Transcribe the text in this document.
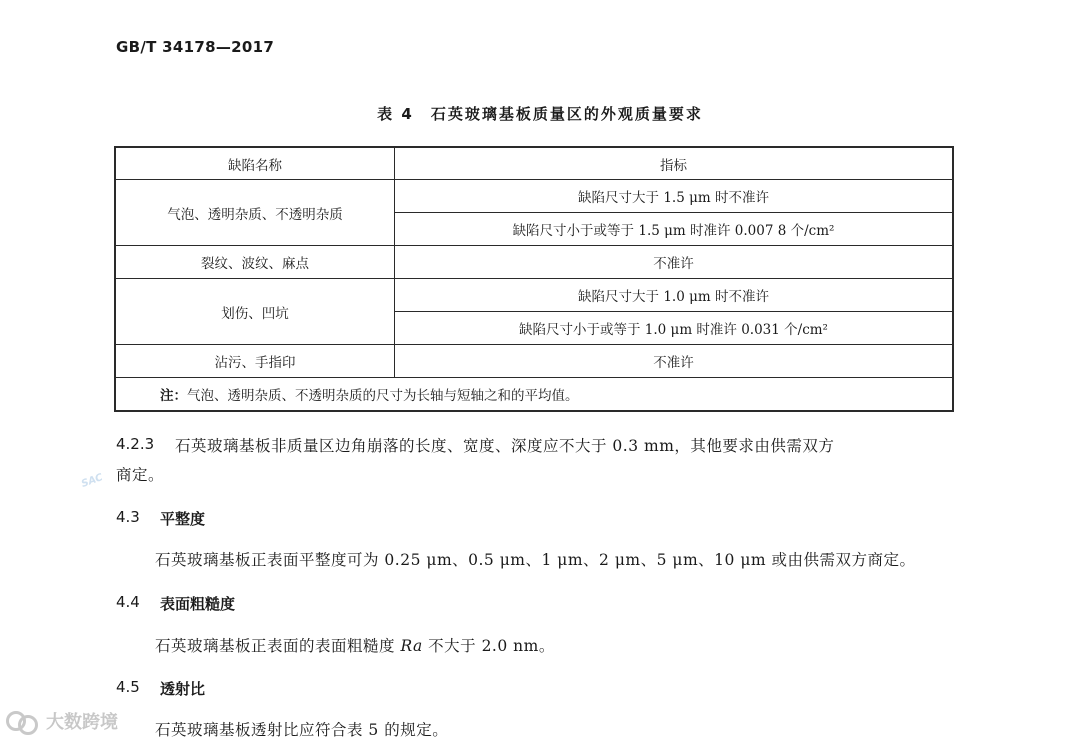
GB/T 34178—2017
表 4　石英玻璃基板质量区的外观质量要求
缺陷名称	指标
气泡、透明杂质、不透明杂质	缺陷尺寸大于 1.5 μm 时不准许
	缺陷尺寸小于或等于 1.5 μm 时准许 0.007 8 个/cm²
裂纹、波纹、麻点	不准许
划伤、凹坑	缺陷尺寸大于 1.0 μm 时不准许
	缺陷尺寸小于或等于 1.0 μm 时准许 0.031 个/cm²
沾污、手指印	不准许
注：气泡、透明杂质、不透明杂质的尺寸为长轴与短轴之和的平均值。	
4.2.3 石英玻璃基板非质量区边角崩落的长度、宽度、深度应不大于 0.3 mm，其他要求由供需双方
商定。
4.3 平整度
石英玻璃基板正表面平整度可为 0.25 μm、0.5 μm、1 μm、2 μm、5 μm、10 μm 或由供需双方商定。
4.4 表面粗糙度
石英玻璃基板正表面的表面粗糙度 Ra 不大于 2.0 nm。
4.5 透射比
石英玻璃基板透射比应符合表 5 的规定。
SAC
大数跨境
